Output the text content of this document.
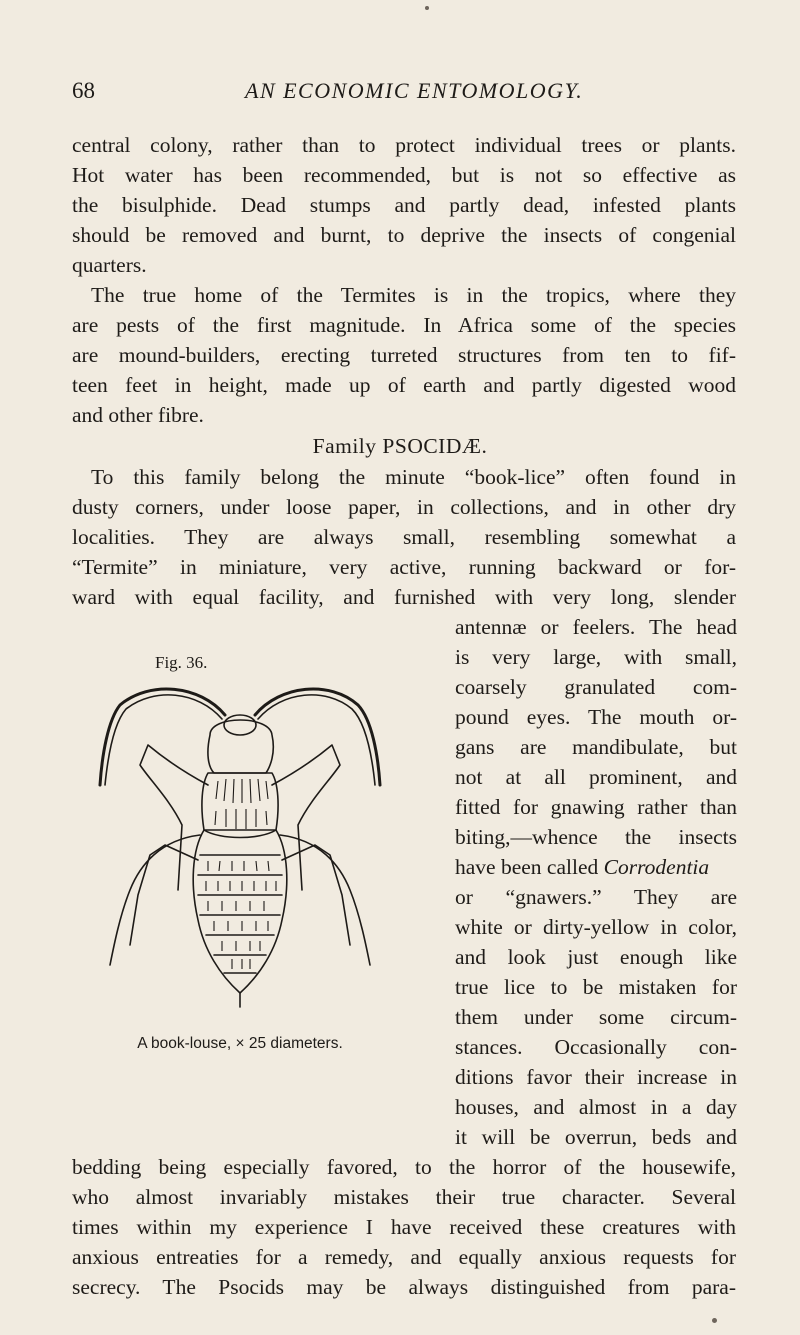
68	AN ECONOMIC ENTOMOLOGY.
central colony, rather than to protect individual trees or plants.
Hot water has been recommended, but is not so effective as
the bisulphide. Dead stumps and partly dead, infested plants
should be removed and burnt, to deprive the insects of congenial
quarters.
The true home of the Termites is in the tropics, where they
are pests of the first magnitude. In Africa some of the species
are mound-builders, erecting turreted structures from ten to fif-
teen feet in height, made up of earth and partly digested wood
and other fibre.
Family PSOCIDÆ.
To this family belong the minute “book-lice” often found in
dusty corners, under loose paper, in collections, and in other dry
localities. They are always small, resembling somewhat a
“Termite” in miniature, very active, running backward or for-
ward with equal facility, and furnished with very long, slender
antennæ or feelers. The head
is very large, with small,
coarsely granulated com-
pound eyes. The mouth or-
gans are mandibulate, but
not at all prominent, and
fitted for gnawing rather than
biting,—whence the insects
have been called Corrodentia
or “gnawers.” They are
white or dirty-yellow in color,
and look just enough like
true lice to be mistaken for
them under some circum-
stances. Occasionally con-
ditions favor their increase in
houses, and almost in a day
it will be overrun, beds and
Fig. 36.
A book-louse, × 25 diameters.
bedding being especially favored, to the horror of the housewife,
who almost invariably mistakes their true character. Several
times within my experience I have received these creatures with
anxious entreaties for a remedy, and equally anxious requests for
secrecy. The Psocids may be always distinguished from para-
